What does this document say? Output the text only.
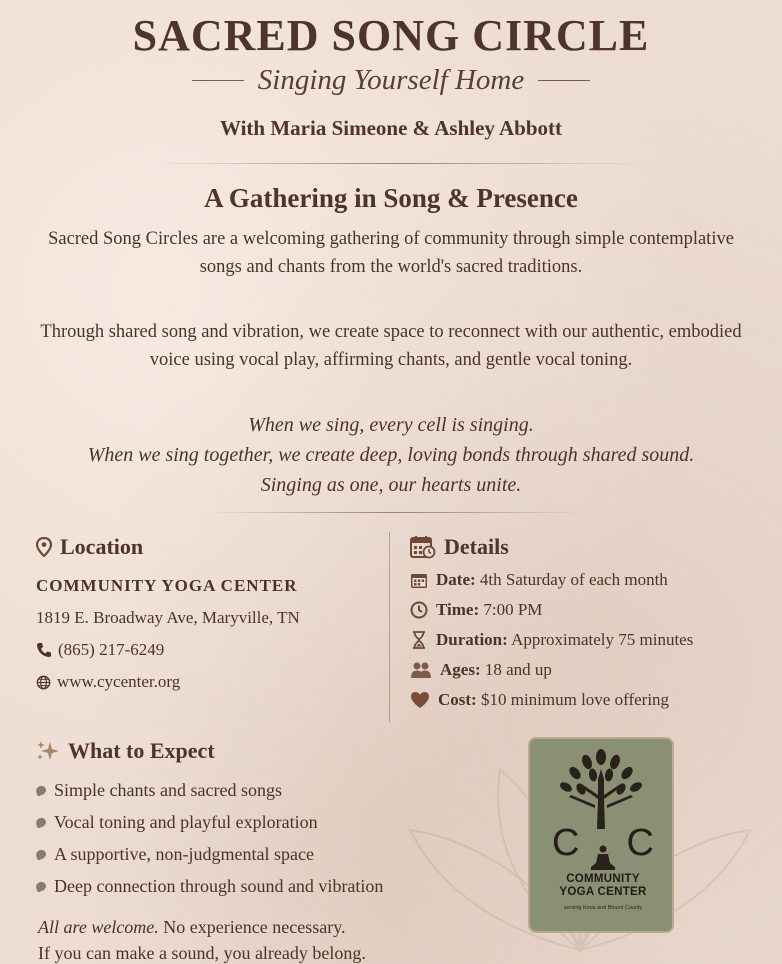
SACRED SONG CIRCLE
Singing Yourself Home
With Maria Simeone & Ashley Abbott
A Gathering in Song & Presence
Sacred Song Circles are a welcoming gathering of community through simple contemplative songs and chants from the world's sacred traditions.
Through shared song and vibration, we create space to reconnect with our authentic, embodied voice using vocal play, affirming chants, and gentle vocal toning.
When we sing, every cell is singing.
When we sing together, we create deep, loving bonds through shared sound.
Singing as one, our hearts unite.
Location
COMMUNITY YOGA CENTER
1819 E. Broadway Ave, Maryville, TN
(865) 217-6249
www.cycenter.org
Details
Date: 4th Saturday of each month
Time: 7:00 PM
Duration: Approximately 75 minutes
Ages: 18 and up
Cost: $10 minimum love offering
What to Expect
Simple chants and sacred songs
Vocal toning and playful exploration
A supportive, non-judgmental space
Deep connection through sound and vibration
All are welcome. No experience necessary.
If you can make a sound, you already belong.
C C
COMMUNITY
YOGA CENTER
serving Knox and Blount County
